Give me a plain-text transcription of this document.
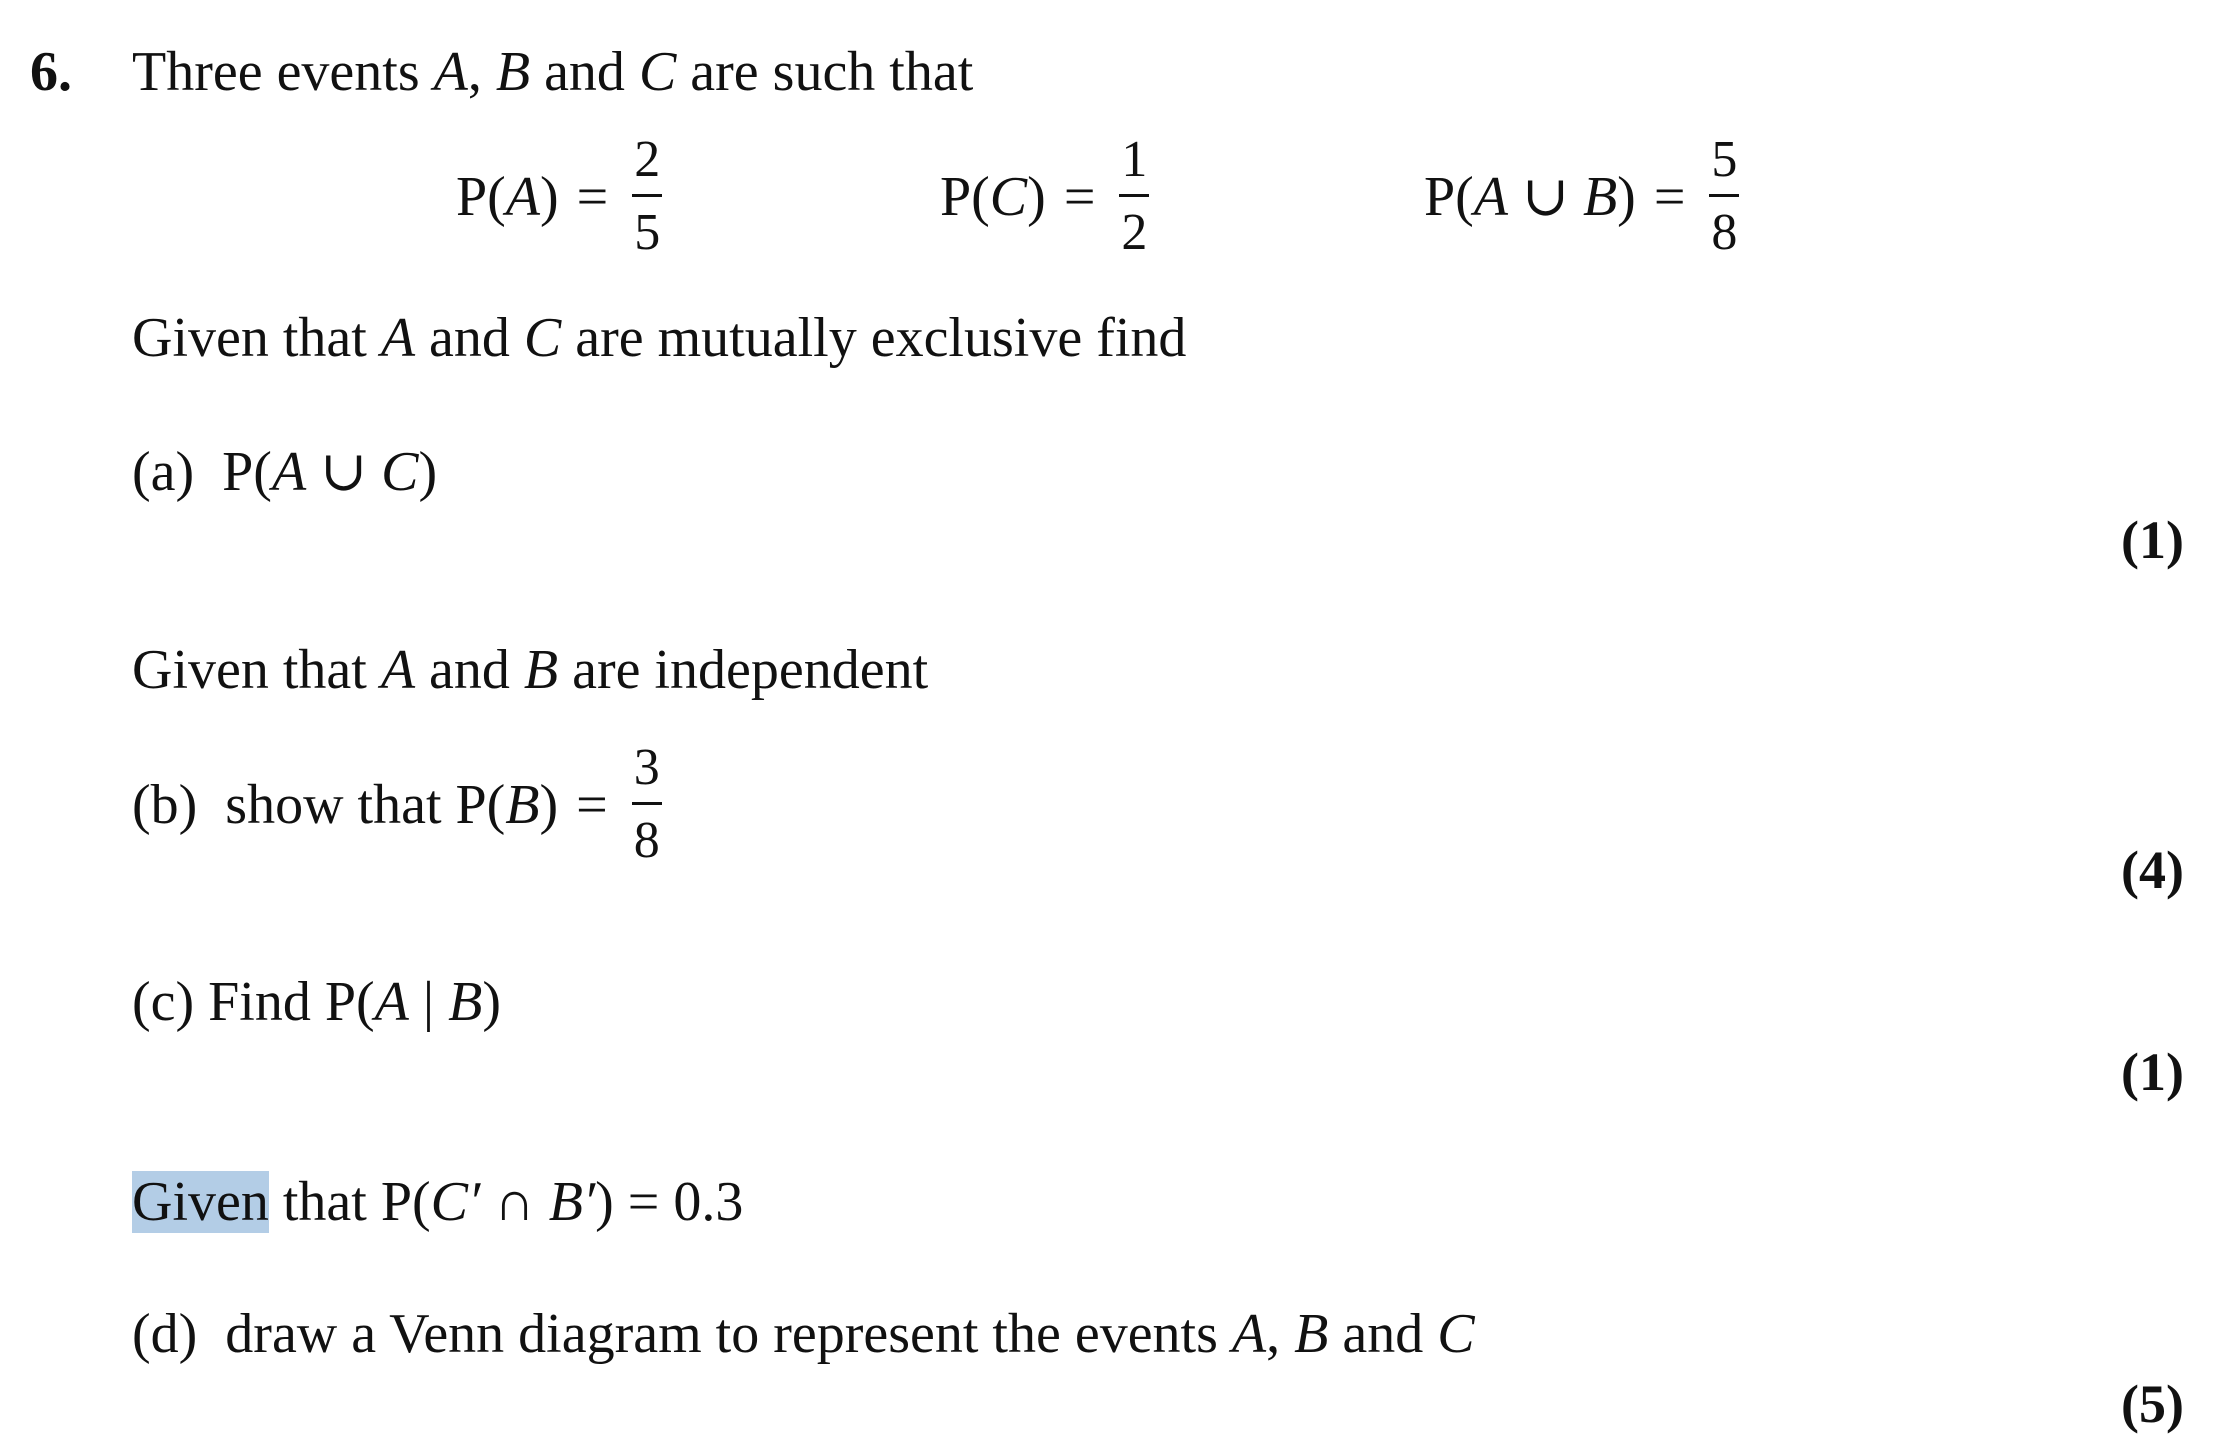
6. Three events A, B and C are such that
$P(A) = \frac{2}{5}$	$P(C) = \frac{1}{2}$	P(A ∪ $B) = \frac{5}{8}$
Given that A and C are mutually exclusive find
(a) P(A ∪ C)
(1)
Given that A and B are independent
(b) show that $P(B) = \frac{3}{8}$
(4)
(c) Find P(A | B)
(1)
Given that P(C′ ∩ B′) = 0.3
(d) draw a Venn diagram to represent the events A, B and C
(5)
